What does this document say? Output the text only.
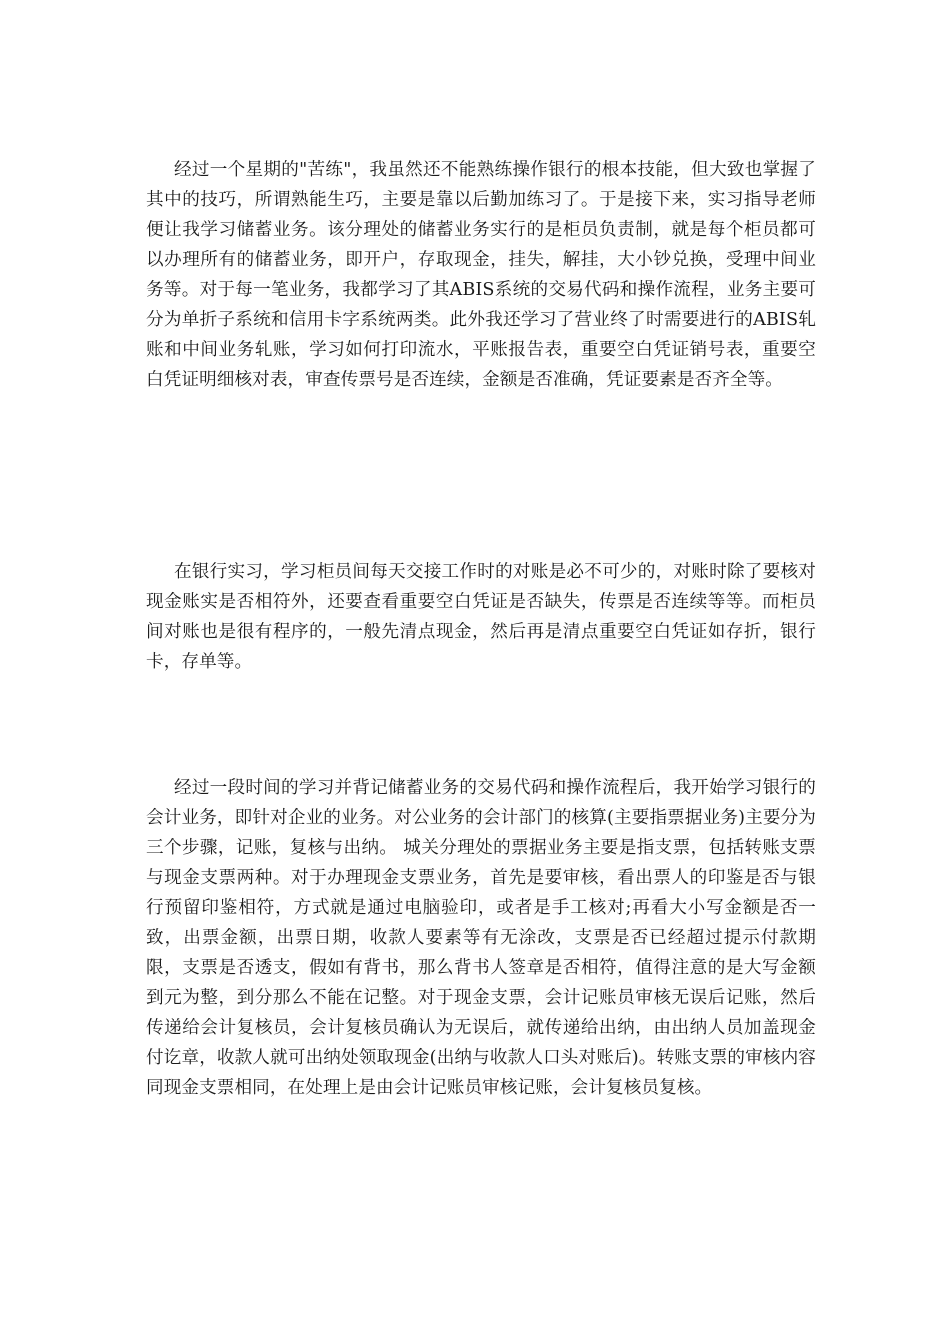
经过一个星期的"苦练"，我虽然还不能熟练操作银行的根本技能，但大致也掌握了其中的技巧，所谓熟能生巧，主要是靠以后勤加练习了。于是接下来，实习指导老师便让我学习储蓄业务。该分理处的储蓄业务实行的是柜员负责制，就是每个柜员都可以办理所有的储蓄业务，即开户，存取现金，挂失，解挂，大小钞兑换，受理中间业务等。对于每一笔业务，我都学习了其ABIS系统的交易代码和操作流程，业务主要可分为单折子系统和信用卡字系统两类。此外我还学习了营业终了时需要进行的ABIS轧账和中间业务轧账，学习如何打印流水，平账报告表，重要空白凭证销号表，重要空白凭证明细核对表，审查传票号是否连续，金额是否准确，凭证要素是否齐全等。

在银行实习，学习柜员间每天交接工作时的对账是必不可少的，对账时除了要核对现金账实是否相符外，还要查看重要空白凭证是否缺失，传票是否连续等等。而柜员间对账也是很有程序的，一般先清点现金，然后再是清点重要空白凭证如存折，银行卡，存单等。

经过一段时间的学习并背记储蓄业务的交易代码和操作流程后，我开始学习银行的会计业务，即针对企业的业务。对公业务的会计部门的核算(主要指票据业务)主要分为三个步骤，记账，复核与出纳。 城关分理处的票据业务主要是指支票，包括转账支票与现金支票两种。对于办理现金支票业务，首先是要审核，看出票人的印鉴是否与银行预留印鉴相符，方式就是通过电脑验印，或者是手工核对;再看大小写金额是否一致，出票金额，出票日期，收款人要素等有无涂改，支票是否已经超过提示付款期限，支票是否透支，假如有背书，那么背书人签章是否相符，值得注意的是大写金额到元为整，到分那么不能在记整。对于现金支票，会计记账员审核无误后记账，然后传递给会计复核员，会计复核员确认为无误后，就传递给出纳，由出纳人员加盖现金付讫章，收款人就可出纳处领取现金(出纳与收款人口头对账后)。转账支票的审核内容同现金支票相同，在处理上是由会计记账员审核记账，会计复核员复核。
